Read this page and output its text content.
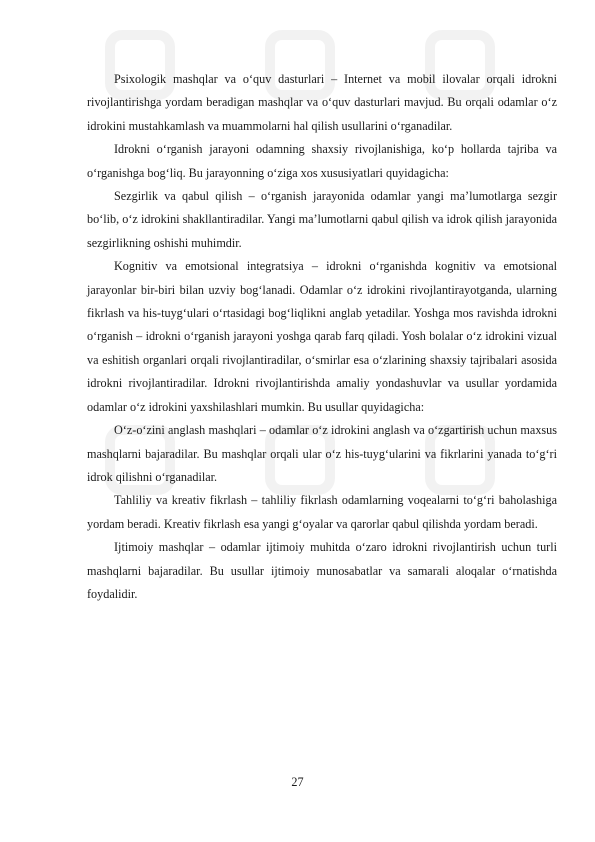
Psixologik mashqlar va o‘quv dasturlari – Internet va mobil ilovalar orqali idrokni rivojlantirishga yordam beradigan mashqlar va o‘quv dasturlari mavjud. Bu orqali odamlar o‘z idrokini mustahkamlash va muammolarni hal qilish usullarini o‘rganadilar.

Idrokni o‘rganish jarayoni odamning shaxsiy rivojlanishiga, ko‘p hollarda tajriba va o‘rganishga bog‘liq. Bu jarayonning o‘ziga xos xususiyatlari quyidagicha:

Sezgirlik va qabul qilish – o‘rganish jarayonida odamlar yangi ma’lumotlarga sezgir bo‘lib, o‘z idrokini shakllantiradilar. Yangi ma’lumotlarni qabul qilish va idrok qilish jarayonida sezgirlikning oshishi muhimdir.

Kognitiv va emotsional integratsiya – idrokni o‘rganishda kognitiv va emotsional jarayonlar bir-biri bilan uzviy bog‘lanadi. Odamlar o‘z idrokini rivojlantirayotganda, ularning fikrlash va his-tuyg‘ulari o‘rtasidagi bog‘liqlikni anglab yetadilar. Yoshga mos ravishda idrokni o‘rganish – idrokni o‘rganish jarayoni yoshga qarab farq qiladi. Yosh bolalar o‘z idrokini vizual va eshitish organlari orqali rivojlantiradilar, o‘smirlar esa o‘zlarining shaxsiy tajribalari asosida idrokni rivojlantiradilar. Idrokni rivojlantirishda amaliy yondashuvlar va usullar yordamida odamlar o‘z idrokini yaxshilashlari mumkin. Bu usullar quyidagicha:

O‘z-o‘zini anglash mashqlari – odamlar o‘z idrokini anglash va o‘zgartirish uchun maxsus mashqlarni bajaradilar. Bu mashqlar orqali ular o‘z his-tuyg‘ularini va fikrlarini yanada to‘g‘ri idrok qilishni o‘rganadilar.

Tahliliy va kreativ fikrlash – tahliliy fikrlash odamlarning voqealarni to‘g‘ri baholashiga yordam beradi. Kreativ fikrlash esa yangi g‘oyalar va qarorlar qabul qilishda yordam beradi.

Ijtimoiy mashqlar – odamlar ijtimoiy muhitda o‘zaro idrokni rivojlantirish uchun turli mashqlarni bajaradilar. Bu usullar ijtimoiy munosabatlar va samarali aloqalar o‘rnatishda foydalidir.

27
